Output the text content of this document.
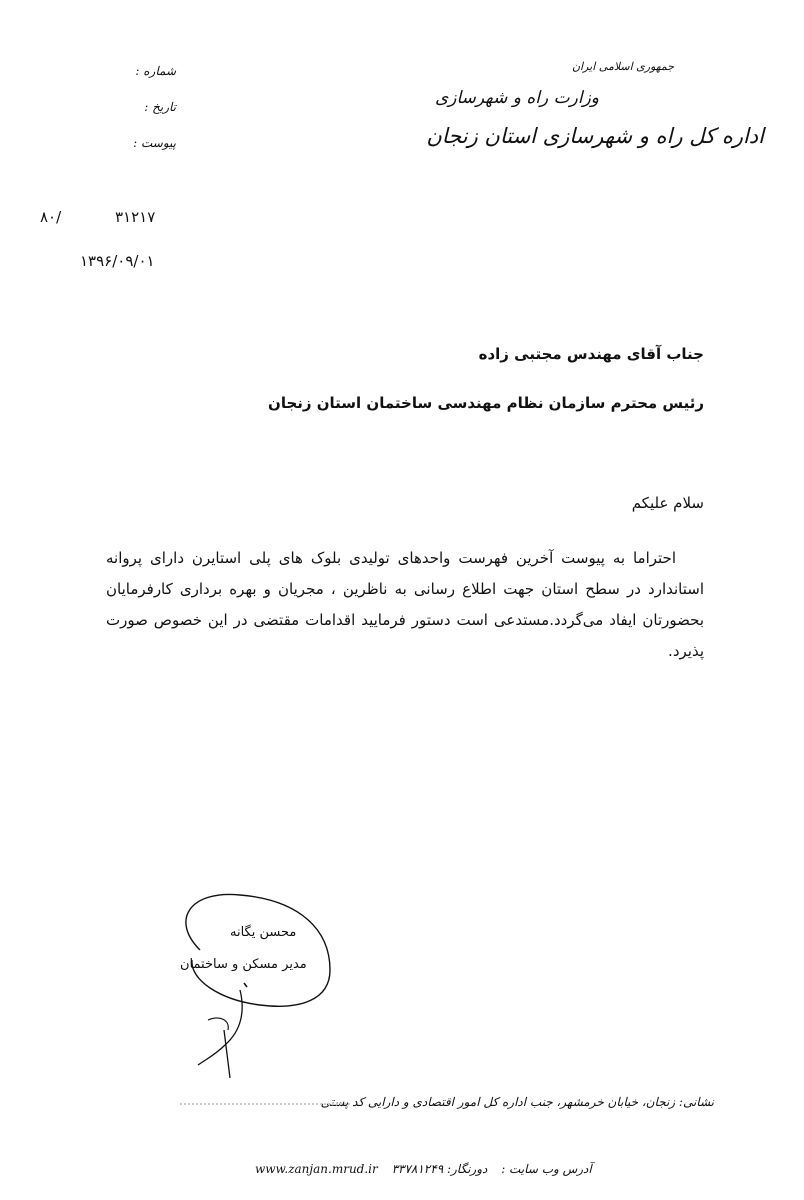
جمهوری اسلامی ایران
وزارت راه و شهرسازی
اداره کل راه و شهرسازی استان زنجان
شماره :
تاریخ :
پیوست :
۸۰/	۳۱۲۱۷
۱۳۹۶/۰۹/۰۱
جناب آقای مهندس مجتبی زاده
رئیس محترم سازمان نظام مهندسی ساختمان استان زنجان
سلام علیکم
احتراما به پیوست آخرین فهرست واحدهای تولیدی بلوک های پلی استایرن دارای پروانه استاندارد در سطح استان جهت اطلاع رسانی به ناظرین ، مجریان و بهره برداری کارفرمایان بحضورتان ایفاد می‌گردد.مستدعی است دستور فرمایید اقدامات مقتضی در این خصوص صورت پذیرد.
محسن یگانه
مدیر مسکن و ساختمان
نشانی: زنجان، خیابان خرمشهر، جنب اداره کل امور اقتصادی و دارایی کد پستی
www.zanjan.mrud.ir	آدرس وب سایت : دورنگار: ۳۳۷۸۱۲۴۹
